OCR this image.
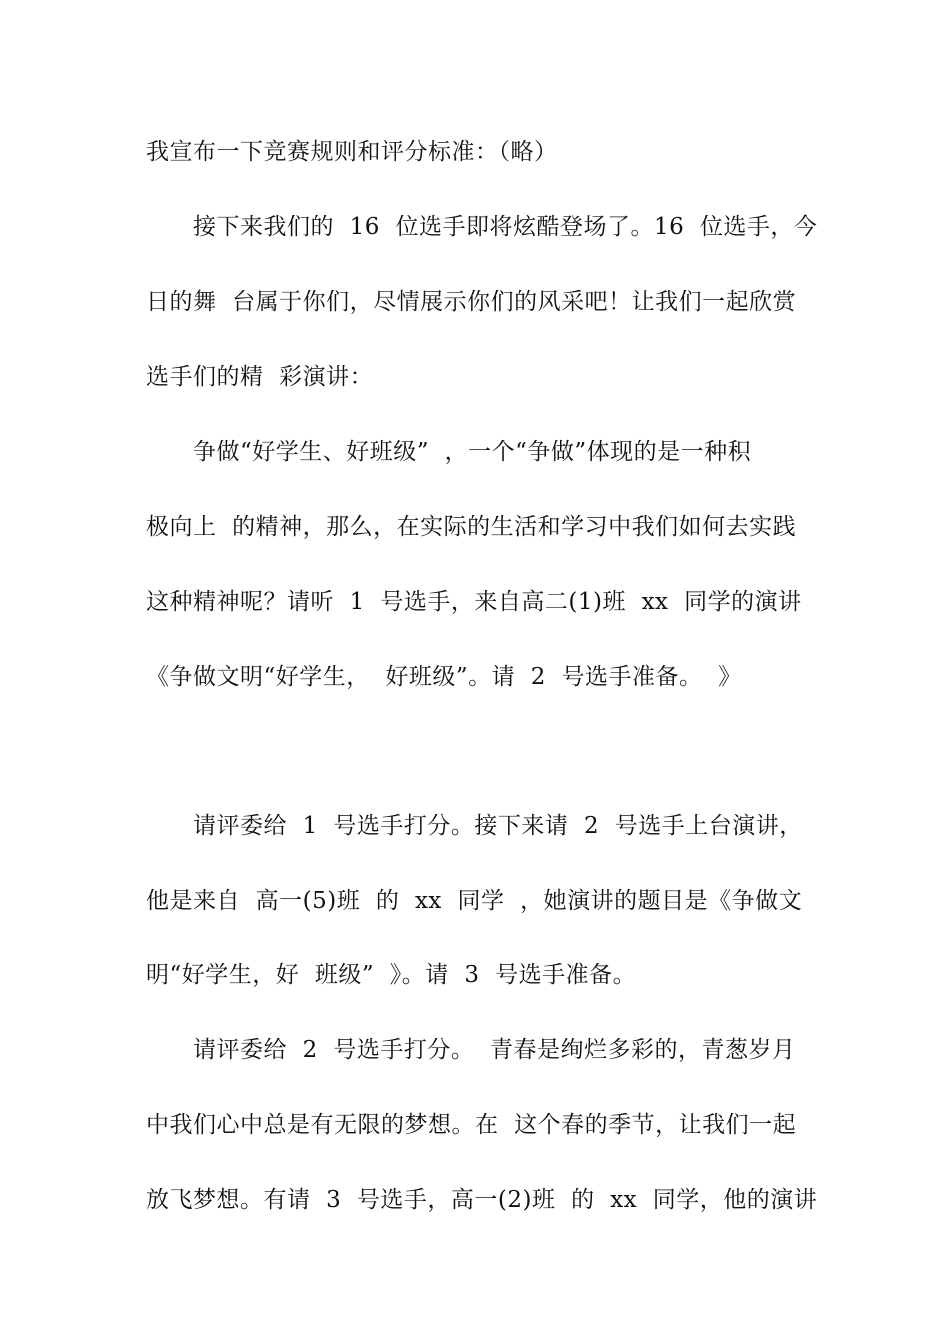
我宣布一下竞赛规则和评分标准：（略）
接下来我们的  16  位选手即将炫酷登场了。16  位选手，今
日的舞  台属于你们，尽情展示你们的风采吧！让我们一起欣赏
选手们的精  彩演讲：
争做“好学生、好班级”  ，一个“争做”体现的是一种积
极向上  的精神，那么，在实际的生活和学习中我们如何去实践
这种精神呢？请听  1  号选手，来自高二(1)班  xx  同学的演讲
《争做文明“好学生，  好班级”。请  2  号选手准备。  》
请评委给  1  号选手打分。接下来请  2  号选手上台演讲，
他是来自  高一(5)班  的  xx  同学  ，她演讲的题目是《争做文
明“好学生，好  班级”  》。请  3  号选手准备。
请评委给  2  号选手打分。  青春是绚烂多彩的，青葱岁月
中我们心中总是有无限的梦想。在  这个春的季节，让我们一起
放飞梦想。有请  3  号选手，高一(2)班  的  xx  同学，他的演讲
